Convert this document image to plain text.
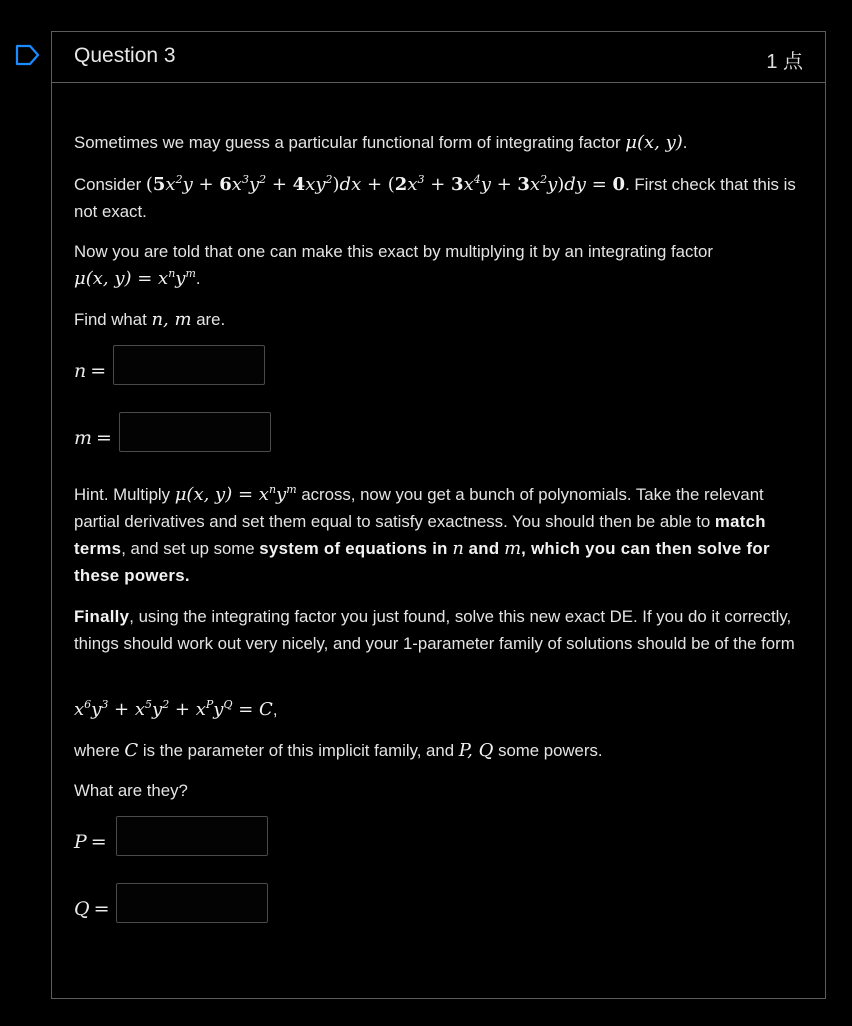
Question 3	1 点

Sometimes we may guess a particular functional form of integrating factor μ(x, y).

Consider $(5x^2y + 6x^3y^2 + 4xy^2)dx + (2x^3 + 3x^4y + 3x^2y)dy = 0$. First check that this is not exact.

Now you are told that one can make this exact by multiplying it by an integrating factor
μ(x, $y) = x^ny^m$.

Find what n, m are.

n =
m =

Hint. Multiply μ(x, $y) = x^ny^m$ across, now you get a bunch of polynomials. Take the relevant partial derivatives and set them equal to satisfy exactness. You should then be able to match terms, and set up some system of equations in n and m, which you can then solve for these powers.

Finally, using the integrating factor you just found, solve this new exact DE. If you do it correctly, things should work out very nicely, and your 1-parameter family of solutions should be of the form

$x^6y^3 + x^5y^2 + x^Py^Q = C$,

where C is the parameter of this implicit family, and P, Q some powers.

What are they?

P =
Q =
